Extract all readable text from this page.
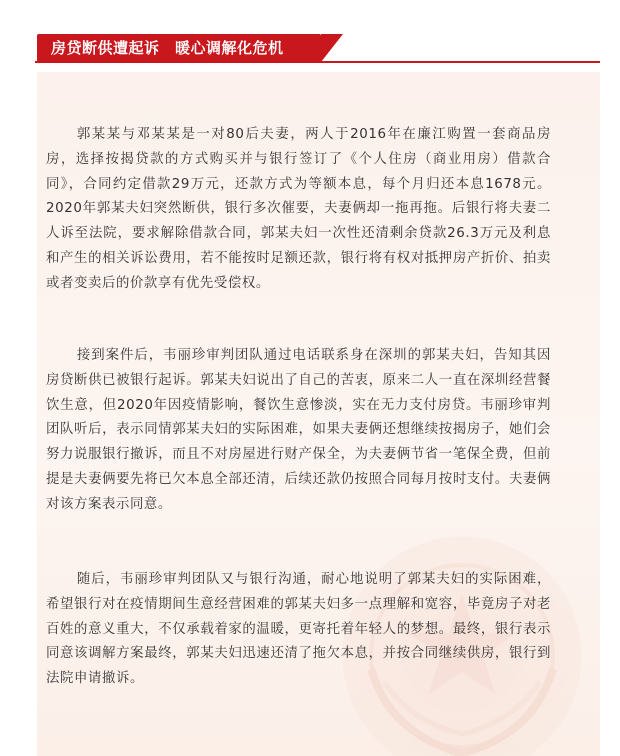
房贷断供遭起诉　暖心调解化危机

郭某某与邓某某是一对80后夫妻，两人于2016年在廉江购置一套商品房房，选择按揭贷款的方式购买并与银行签订了《个人住房（商业用房）借款合同》，合同约定借款29万元，还款方式为等额本息，每个月归还本息1678元。2020年郭某夫妇突然断供，银行多次催要，夫妻俩却一拖再拖。后银行将夫妻二人诉至法院，要求解除借款合同，郭某夫妇一次性还清剩余贷款26.3万元及利息和产生的相关诉讼费用，若不能按时足额还款，银行将有权对抵押房产折价、拍卖或者变卖后的价款享有优先受偿权。

接到案件后，韦丽珍审判团队通过电话联系身在深圳的郭某夫妇，告知其因房贷断供已被银行起诉。郭某夫妇说出了自己的苦衷，原来二人一直在深圳经营餐饮生意，但2020年因疫情影响，餐饮生意惨淡，实在无力支付房贷。韦丽珍审判团队听后，表示同情郭某夫妇的实际困难，如果夫妻俩还想继续按揭房子，她们会努力说服银行撤诉，而且不对房屋进行财产保全，为夫妻俩节省一笔保全费，但前提是夫妻俩要先将已欠本息全部还清，后续还款仍按照合同每月按时支付。夫妻俩对该方案表示同意。

随后，韦丽珍审判团队又与银行沟通，耐心地说明了郭某夫妇的实际困难，希望银行对在疫情期间生意经营困难的郭某夫妇多一点理解和宽容，毕竟房子对老百姓的意义重大，不仅承载着家的温暖，更寄托着年轻人的梦想。最终，银行表示同意该调解方案最终，郭某夫妇迅速还清了拖欠本息，并按合同继续供房，银行到法院申请撤诉。
